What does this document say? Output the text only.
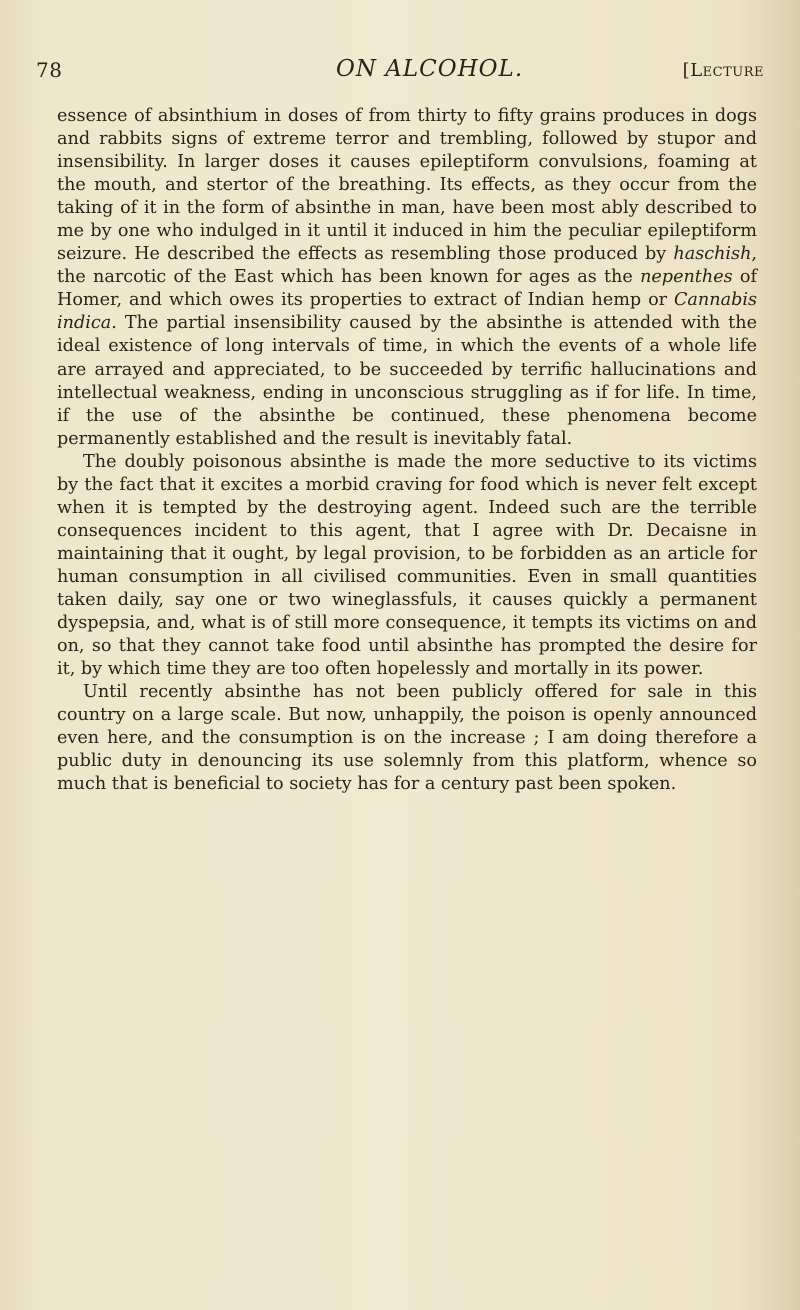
78	ON ALCOHOL.	[Lecture

essence of absinthium in doses of from thirty to fifty grains produces in dogs and rabbits signs of extreme terror and trembling, followed by stupor and insensibility. In larger doses it causes epileptiform convulsions, foaming at the mouth, and stertor of the breathing. Its effects, as they occur from the taking of it in the form of absinthe in man, have been most ably described to me by one who indulged in it until it induced in him the peculiar epileptiform seizure. He described the effects as resembling those produced by haschish, the narcotic of the East which has been known for ages as the nepenthes of Homer, and which owes its properties to extract of Indian hemp or Cannabis indica. The partial insensibility caused by the absinthe is attended with the ideal existence of long intervals of time, in which the events of a whole life are arrayed and appreciated, to be succeeded by terrific hallucinations and intellectual weakness, ending in unconscious struggling as if for life. In time, if the use of the absinthe be continued, these phenomena become permanently established and the result is inevitably fatal.

The doubly poisonous absinthe is made the more seductive to its victims by the fact that it excites a morbid craving for food which is never felt except when it is tempted by the destroying agent. Indeed such are the terrible consequences incident to this agent, that I agree with Dr. Decaisne in maintaining that it ought, by legal provision, to be forbidden as an article for human consumption in all civilised communities. Even in small quantities taken daily, say one or two wineglassfuls, it causes quickly a permanent dyspepsia, and, what is of still more consequence, it tempts its victims on and on, so that they cannot take food until absinthe has prompted the desire for it, by which time they are too often hopelessly and mortally in its power.

Until recently absinthe has not been publicly offered for sale in this country on a large scale. But now, unhappily, the poison is openly announced even here, and the consumption is on the increase ; I am doing therefore a public duty in denouncing its use solemnly from this platform, whence so much that is beneficial to society has for a century past been spoken.
